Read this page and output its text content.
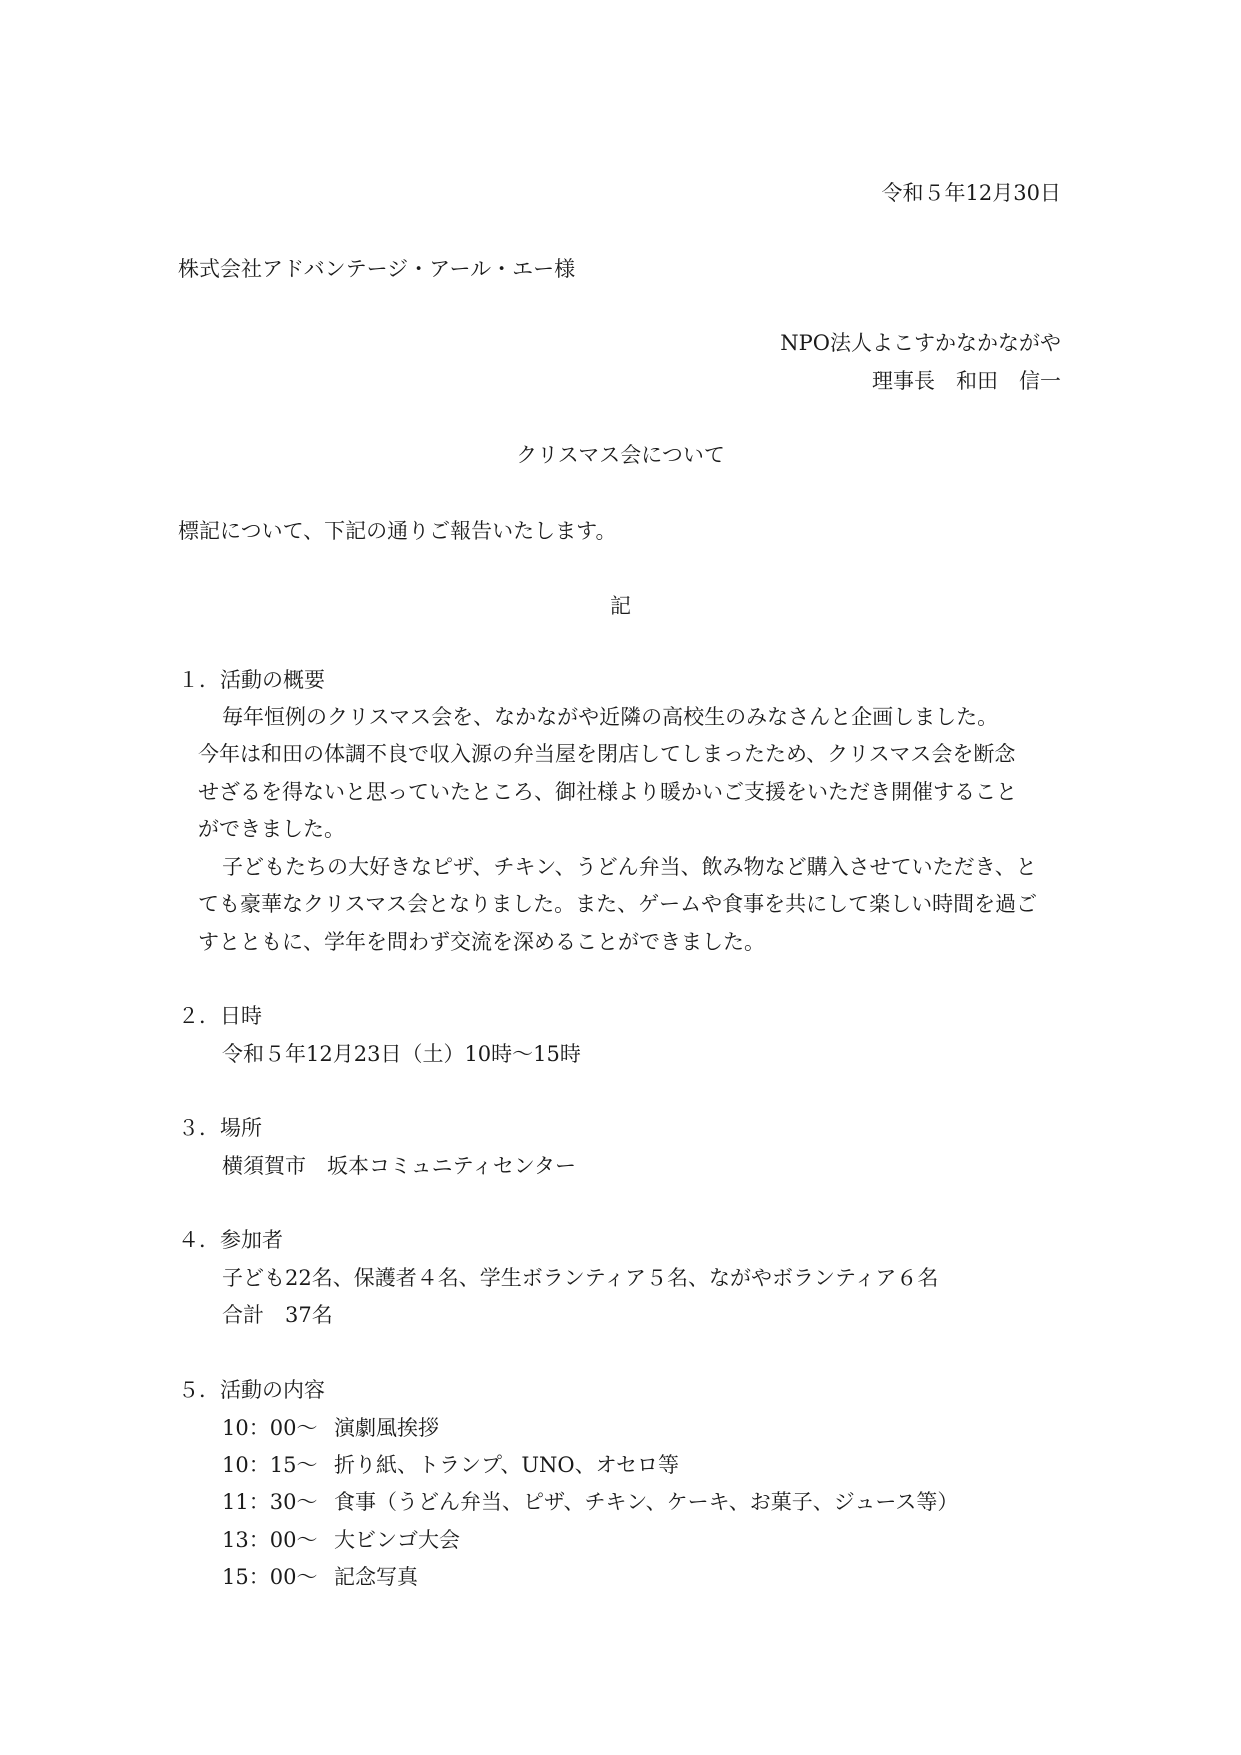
令和５年12月30日
株式会社アドバンテージ・アール・エー様
NPO法人よこすかなかながや
理事長　和田　信一
クリスマス会について
標記について、下記の通りご報告いたします。
記
１．活動の概要
毎年恒例のクリスマス会を、なかながや近隣の高校生のみなさんと企画しました。
今年は和田の体調不良で収入源の弁当屋を閉店してしまったため、クリスマス会を断念
せざるを得ないと思っていたところ、御社様より暖かいご支援をいただき開催すること
ができました。
子どもたちの大好きなピザ、チキン、うどん弁当、飲み物など購入させていただき、と
ても豪華なクリスマス会となりました。また、ゲームや食事を共にして楽しい時間を過ご
すとともに、学年を問わず交流を深めることができました。
２．日時
令和５年12月23日（土）10時～15時
３．場所
横須賀市　坂本コミュニティセンター
４．参加者
子ども22名、保護者４名、学生ボランティア５名、ながやボランティア６名
合計　37名
５．活動の内容
10：00～ 演劇風挨拶
10：15～ 折り紙、トランプ、UNO、オセロ等
11：30～ 食事（うどん弁当、ピザ、チキン、ケーキ、お菓子、ジュース等）
13：00～ 大ビンゴ大会
15：00～ 記念写真
